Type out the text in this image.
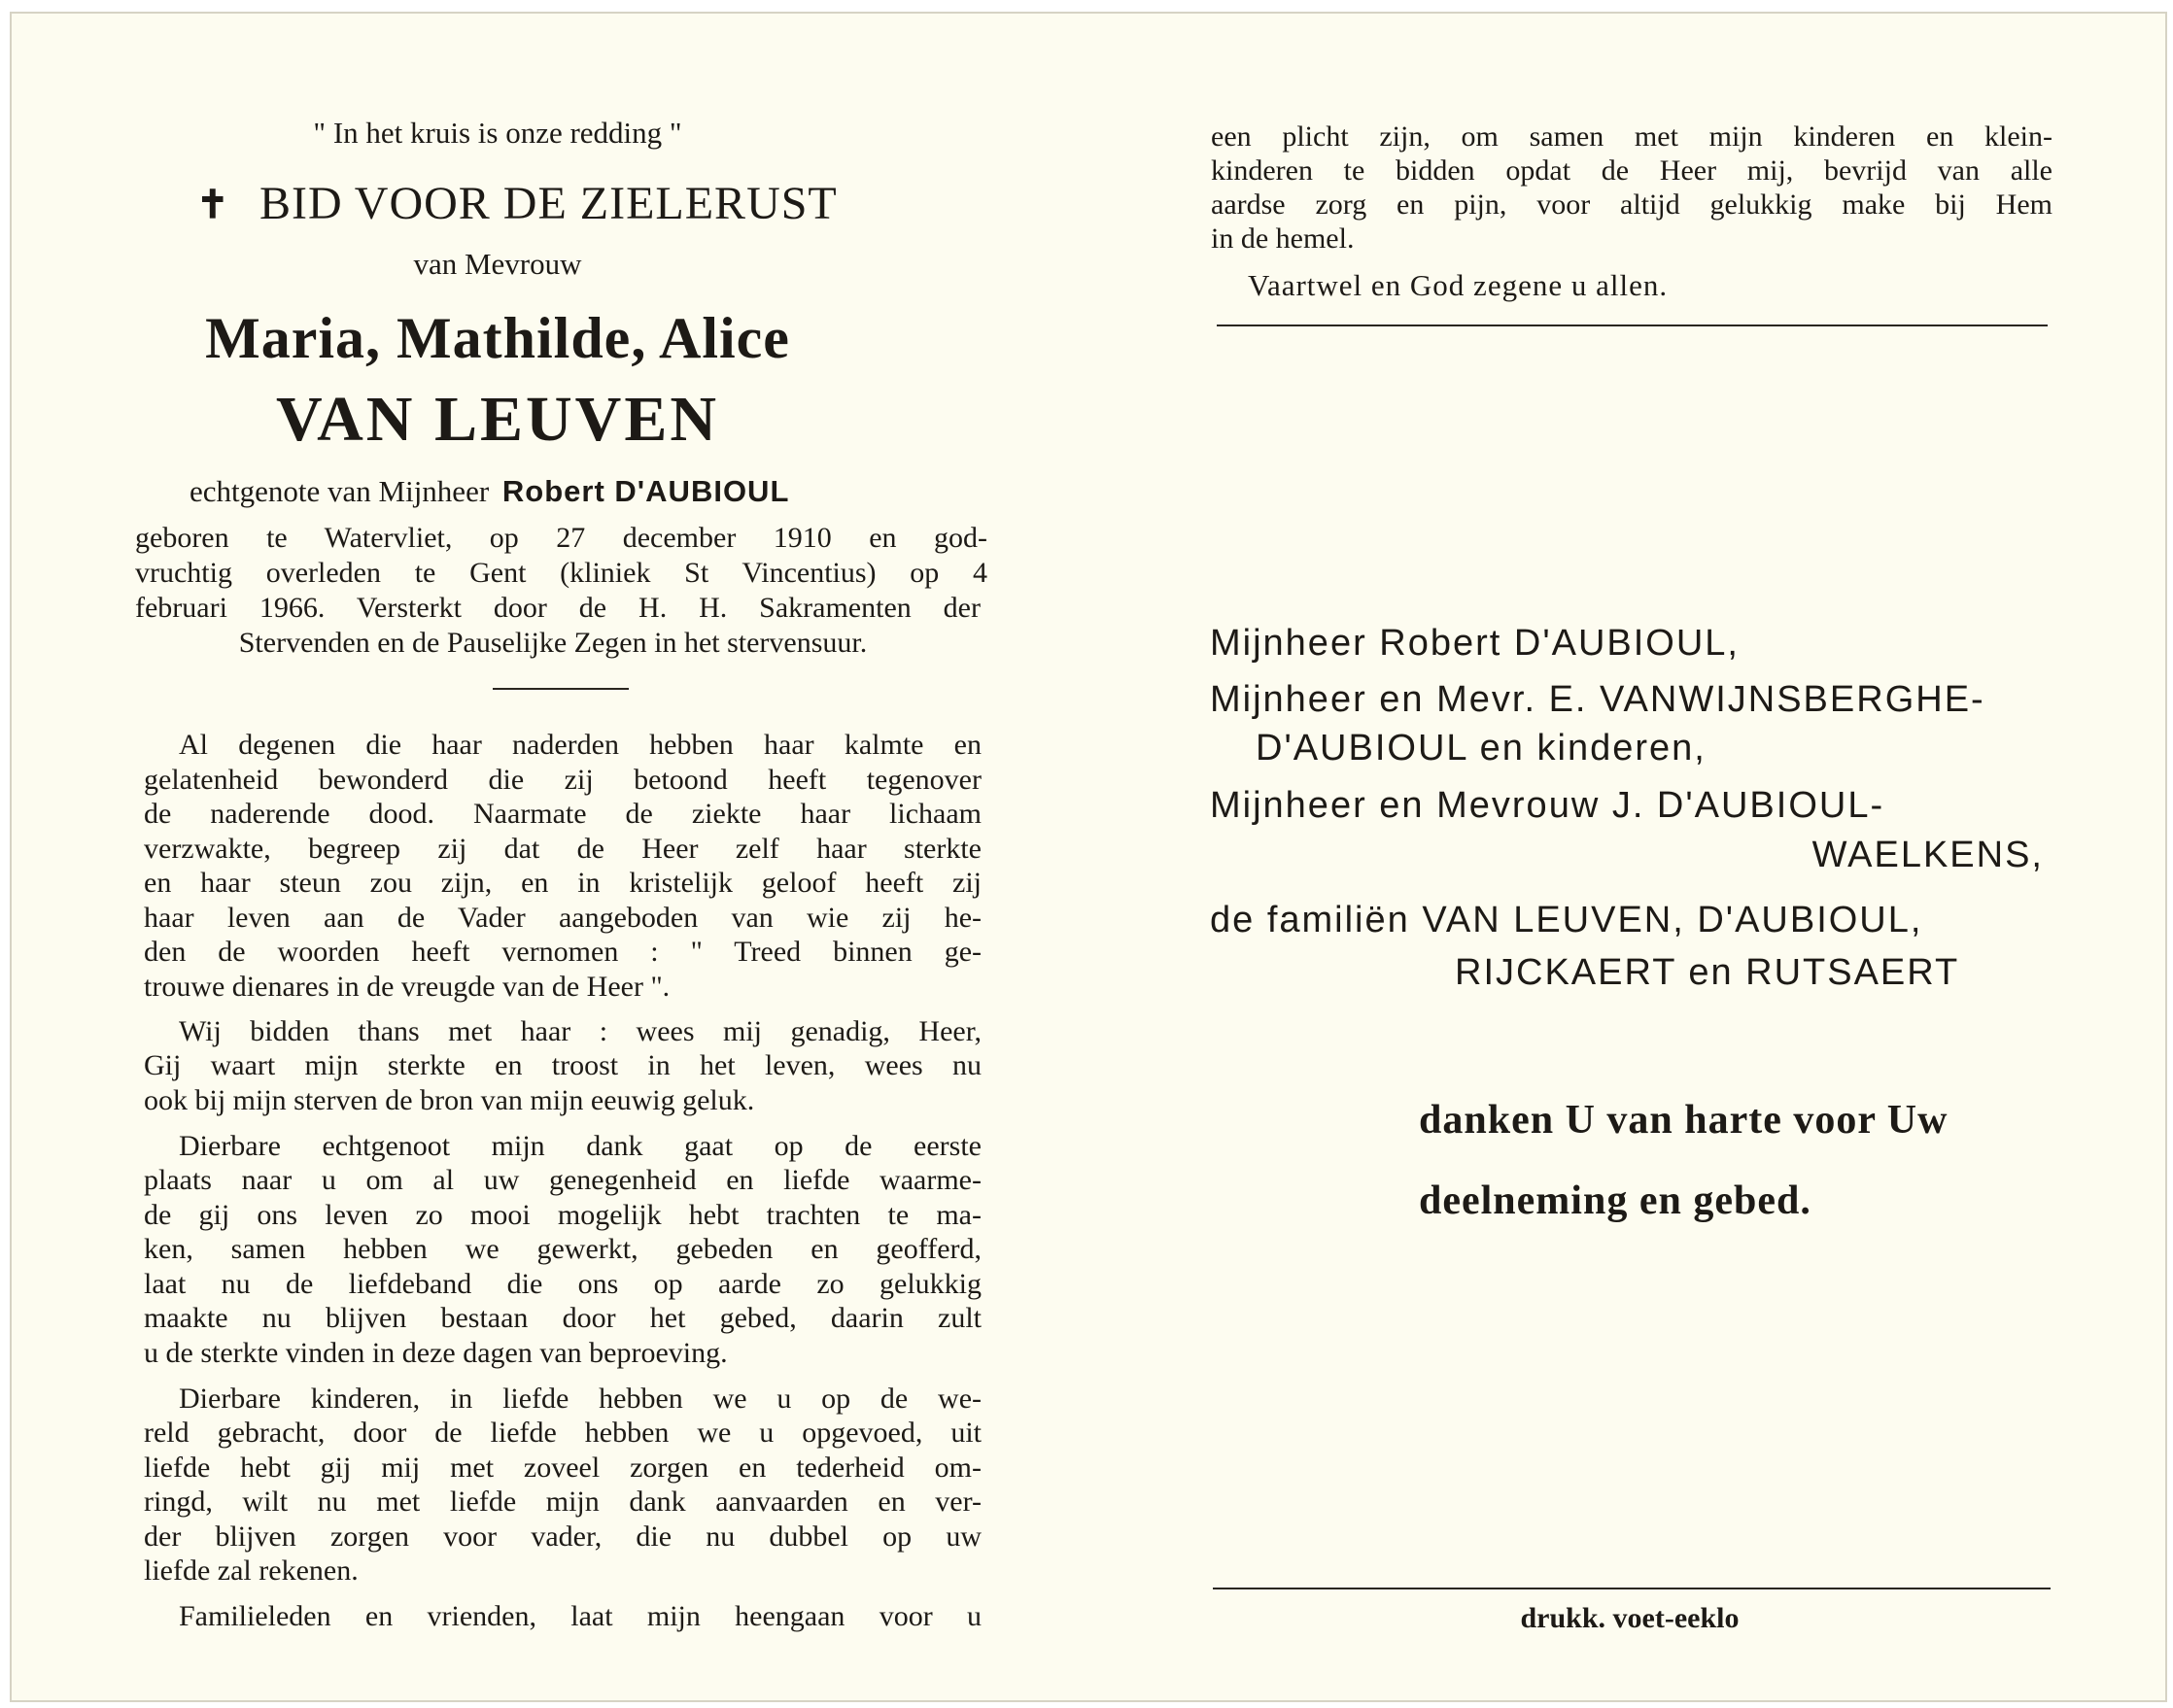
" In het kruis is onze redding "

✝ BID VOOR DE ZIELERUST

van Mevrouw

Maria, Mathilde, Alice

VAN LEUVEN

echtgenote van Mijnheer Robert D'AUBIOUL

geboren te Watervliet, op 27 december 1910 en god-

vruchtig overleden te Gent (kliniek St Vincentius) op 4

februari 1966. Versterkt door de H. H. Sakramenten der

Stervenden en de Pauselijke Zegen in het stervensuur.

Al degenen die haar naderden hebben haar kalmte en

gelatenheid bewonderd die zij betoond heeft tegenover

de naderende dood. Naarmate de ziekte haar lichaam

verzwakte, begreep zij dat de Heer zelf haar sterkte

en haar steun zou zijn, en in kristelijk geloof heeft zij

haar leven aan de Vader aangeboden van wie zij he-

den de woorden heeft vernomen : " Treed binnen ge-

trouwe dienares in de vreugde van de Heer ".

Wij bidden thans met haar : wees mij genadig, Heer,

Gij waart mijn sterkte en troost in het leven, wees nu

ook bij mijn sterven de bron van mijn eeuwig geluk.

Dierbare echtgenoot mijn dank gaat op de eerste

plaats naar u om al uw genegenheid en liefde waarme-

de gij ons leven zo mooi mogelijk hebt trachten te ma-

ken, samen hebben we gewerkt, gebeden en geofferd,

laat nu de liefdeband die ons op aarde zo gelukkig

maakte nu blijven bestaan door het gebed, daarin zult

u de sterkte vinden in deze dagen van beproeving.

Dierbare kinderen, in liefde hebben we u op de we-

reld gebracht, door de liefde hebben we u opgevoed, uit

liefde hebt gij mij met zoveel zorgen en tederheid om-

ringd, wilt nu met liefde mijn dank aanvaarden en ver-

der blijven zorgen voor vader, die nu dubbel op uw

liefde zal rekenen.

Familieleden en vrienden, laat mijn heengaan voor u

een plicht zijn, om samen met mijn kinderen en klein-

kinderen te bidden opdat de Heer mij, bevrijd van alle

aardse zorg en pijn, voor altijd gelukkig make bij Hem

in de hemel.

Vaartwel en God zegene u allen.

Mijnheer Robert D'AUBIOUL,

Mijnheer en Mevr. E. VANWIJNSBERGHE-

D'AUBIOUL en kinderen,

Mijnheer en Mevrouw J. D'AUBIOUL-

WAELKENS,

de familiën VAN LEUVEN, D'AUBIOUL,

RIJCKAERT en RUTSAERT

danken U van harte voor Uw

deelneming en gebed.

drukk. voet-eeklo
